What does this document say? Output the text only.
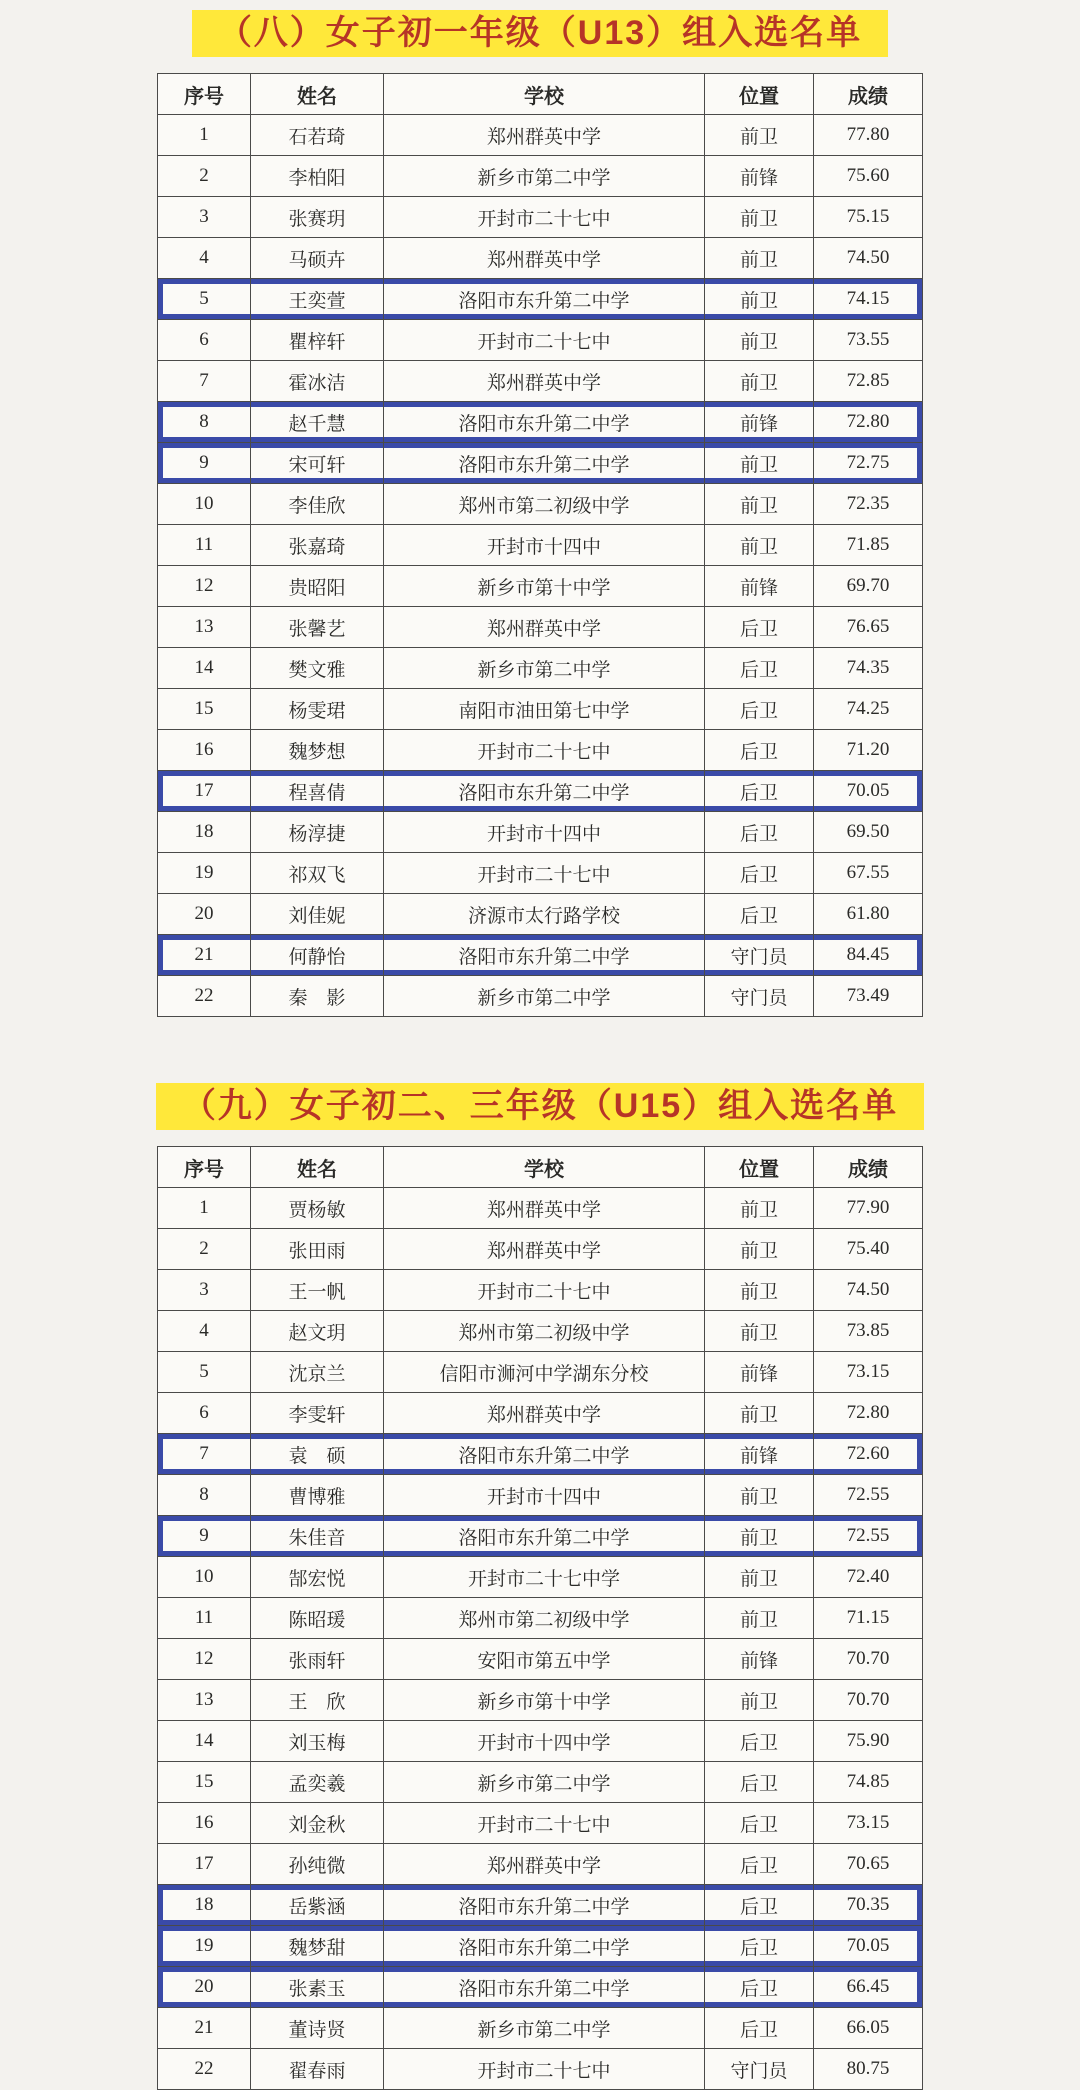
（八）女子初一年级（U13）组入选名单
序号	姓名	学校	位置	成绩
1	石若琦	郑州群英中学	前卫	77.80
2	李柏阳	新乡市第二中学	前锋	75.60
3	张赛玥	开封市二十七中	前卫	75.15
4	马硕卉	郑州群英中学	前卫	74.50
5	王奕萱	洛阳市东升第二中学	前卫	74.15
6	瞿梓轩	开封市二十七中	前卫	73.55
7	霍冰洁	郑州群英中学	前卫	72.85
8	赵千慧	洛阳市东升第二中学	前锋	72.80
9	宋可轩	洛阳市东升第二中学	前卫	72.75
10	李佳欣	郑州市第二初级中学	前卫	72.35
11	张嘉琦	开封市十四中	前卫	71.85
12	贵昭阳	新乡市第十中学	前锋	69.70
13	张馨艺	郑州群英中学	后卫	76.65
14	樊文雅	新乡市第二中学	后卫	74.35
15	杨雯珺	南阳市油田第七中学	后卫	74.25
16	魏梦想	开封市二十七中	后卫	71.20
17	程喜倩	洛阳市东升第二中学	后卫	70.05
18	杨淳捷	开封市十四中	后卫	69.50
19	祁双飞	开封市二十七中	后卫	67.55
20	刘佳妮	济源市太行路学校	后卫	61.80
21	何静怡	洛阳市东升第二中学	守门员	84.45
22	秦　影	新乡市第二中学	守门员	73.49
（九）女子初二、三年级（U15）组入选名单
序号	姓名	学校	位置	成绩
1	贾杨敏	郑州群英中学	前卫	77.90
2	张田雨	郑州群英中学	前卫	75.40
3	王一帆	开封市二十七中	前卫	74.50
4	赵文玥	郑州市第二初级中学	前卫	73.85
5	沈京兰	信阳市浉河中学湖东分校	前锋	73.15
6	李雯轩	郑州群英中学	前卫	72.80
7	袁　硕	洛阳市东升第二中学	前锋	72.60
8	曹博雅	开封市十四中	前卫	72.55
9	朱佳音	洛阳市东升第二中学	前卫	72.55
10	郜宏悦	开封市二十七中学	前卫	72.40
11	陈昭瑗	郑州市第二初级中学	前卫	71.15
12	张雨轩	安阳市第五中学	前锋	70.70
13	王　欣	新乡市第十中学	前卫	70.70
14	刘玉梅	开封市十四中学	后卫	75.90
15	孟奕羲	新乡市第二中学	后卫	74.85
16	刘金秋	开封市二十七中	后卫	73.15
17	孙纯微	郑州群英中学	后卫	70.65
18	岳紫涵	洛阳市东升第二中学	后卫	70.35
19	魏梦甜	洛阳市东升第二中学	后卫	70.05
20	张素玉	洛阳市东升第二中学	后卫	66.45
21	董诗贤	新乡市第二中学	后卫	66.05
22	翟春雨	开封市二十七中	守门员	80.75
